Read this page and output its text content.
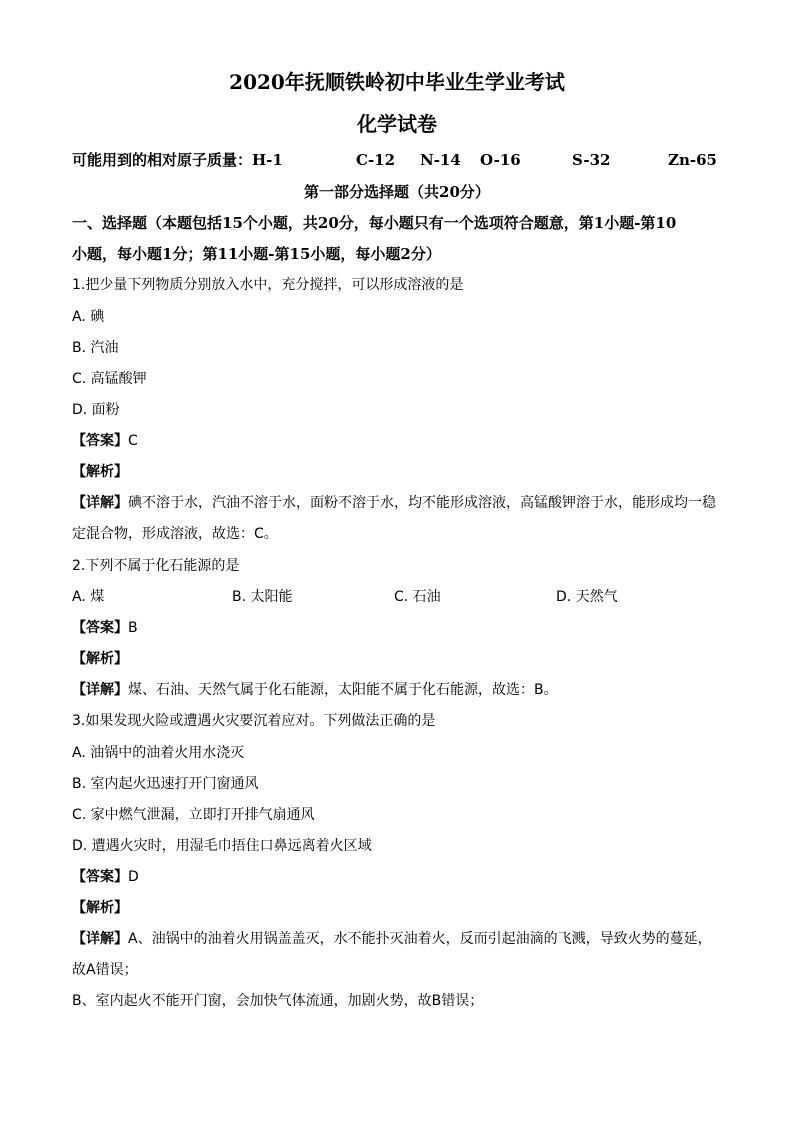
2020年抚顺铁岭初中毕业生学业考试
化学试卷
可能用到的相对原子质量：H-1	C-12 N-14 O-16	S-32	Zn-65
第一部分选择题（共20分）
一、选择题（本题包括15个小题，共20分，每小题只有一个选项符合题意，第1小题-第10
小题，每小题1分；第11小题-第15小题，每小题2分）
1.把少量下列物质分别放入水中，充分搅拌，可以形成溶液的是
A. 碘
B. 汽油
C. 高锰酸钾
D. 面粉
【答案】C
【解析】
【详解】碘不溶于水，汽油不溶于水，面粉不溶于水，均不能形成溶液，高锰酸钾溶于水，能形成均一稳
定混合物，形成溶液，故选：C。
2.下列不属于化石能源的是
A. 煤	B. 太阳能	C. 石油	D. 天然气
【答案】B
【解析】
【详解】煤、石油、天然气属于化石能源，太阳能不属于化石能源，故选：B。
3.如果发现火险或遭遇火灾要沉着应对。下列做法正确的是
A. 油锅中的油着火用水浇灭
B. 室内起火迅速打开门窗通风
C. 家中燃气泄漏，立即打开排气扇通风
D. 遭遇火灾时，用湿毛巾捂住口鼻远离着火区域
【答案】D
【解析】
【详解】A、油锅中的油着火用锅盖盖灭，水不能扑灭油着火，反而引起油滴的飞溅，导致火势的蔓延，
故A错误；
B、室内起火不能开门窗，会加快气体流通，加剧火势，故B错误；
